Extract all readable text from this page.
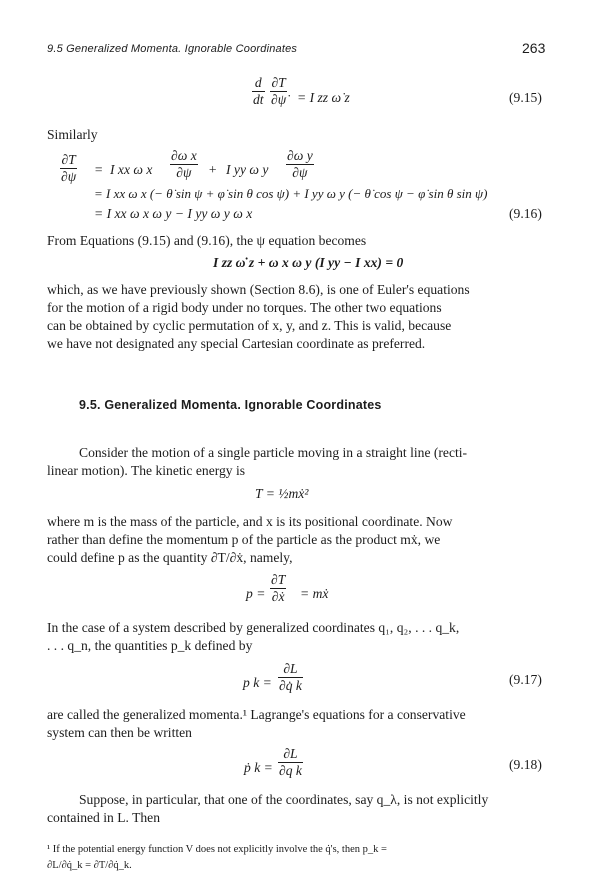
9.5 Generalized Momenta. Ignorable Coordinates	263
d
dt
∂T
∂ψ̇ = I zz ω̇ z	(9.15)
Similarly
∂T
∂ψ = I xx ω x
∂ω x
∂ψ + I yy ω y
∂ω y
∂ψ
= I xx ω x (− θ̇ sin ψ + φ̇ sin θ cos ψ) + I yy ω y (− θ̇ cos ψ − φ̇ sin θ sin ψ)
= I xx ω x ω y − I yy ω y ω x	(9.16)
From Equations (9.15) and (9.16), the ψ equation becomes
I zz ω̇ z + ω x ω y (I yy − I xx) = 0
which, as we have previously shown (Section 8.6), is one of Euler's equations
for the motion of a rigid body under no torques. The other two equations
can be obtained by cyclic permutation of x, y, and z. This is valid, because
we have not designated any special Cartesian coordinate as preferred.
9.5. Generalized Momenta. Ignorable Coordinates
Consider the motion of a single particle moving in a straight line (recti-
linear motion). The kinetic energy is
T = ½mẋ²
where m is the mass of the particle, and x is its positional coordinate. Now
rather than define the momentum p of the particle as the product mẋ, we
could define p as the quantity ∂T/∂ẋ, namely,
p =
∂T
∂ẋ = mẋ
In the case of a system described by generalized coordinates q₁, q₂, . . . q_k,
. . . q_n, the quantities p_k defined by
p k =
∂L
∂q̇ k	(9.17)
are called the generalized momenta.¹ Lagrange's equations for a conservative
system can then be written
ṗ k =
∂L
∂q k	(9.18)
Suppose, in particular, that one of the coordinates, say q_λ, is not explicitly
contained in L. Then
¹ If the potential energy function V does not explicitly involve the q̇'s, then p_k =
∂L/∂q̇_k = ∂T/∂q̇_k.
